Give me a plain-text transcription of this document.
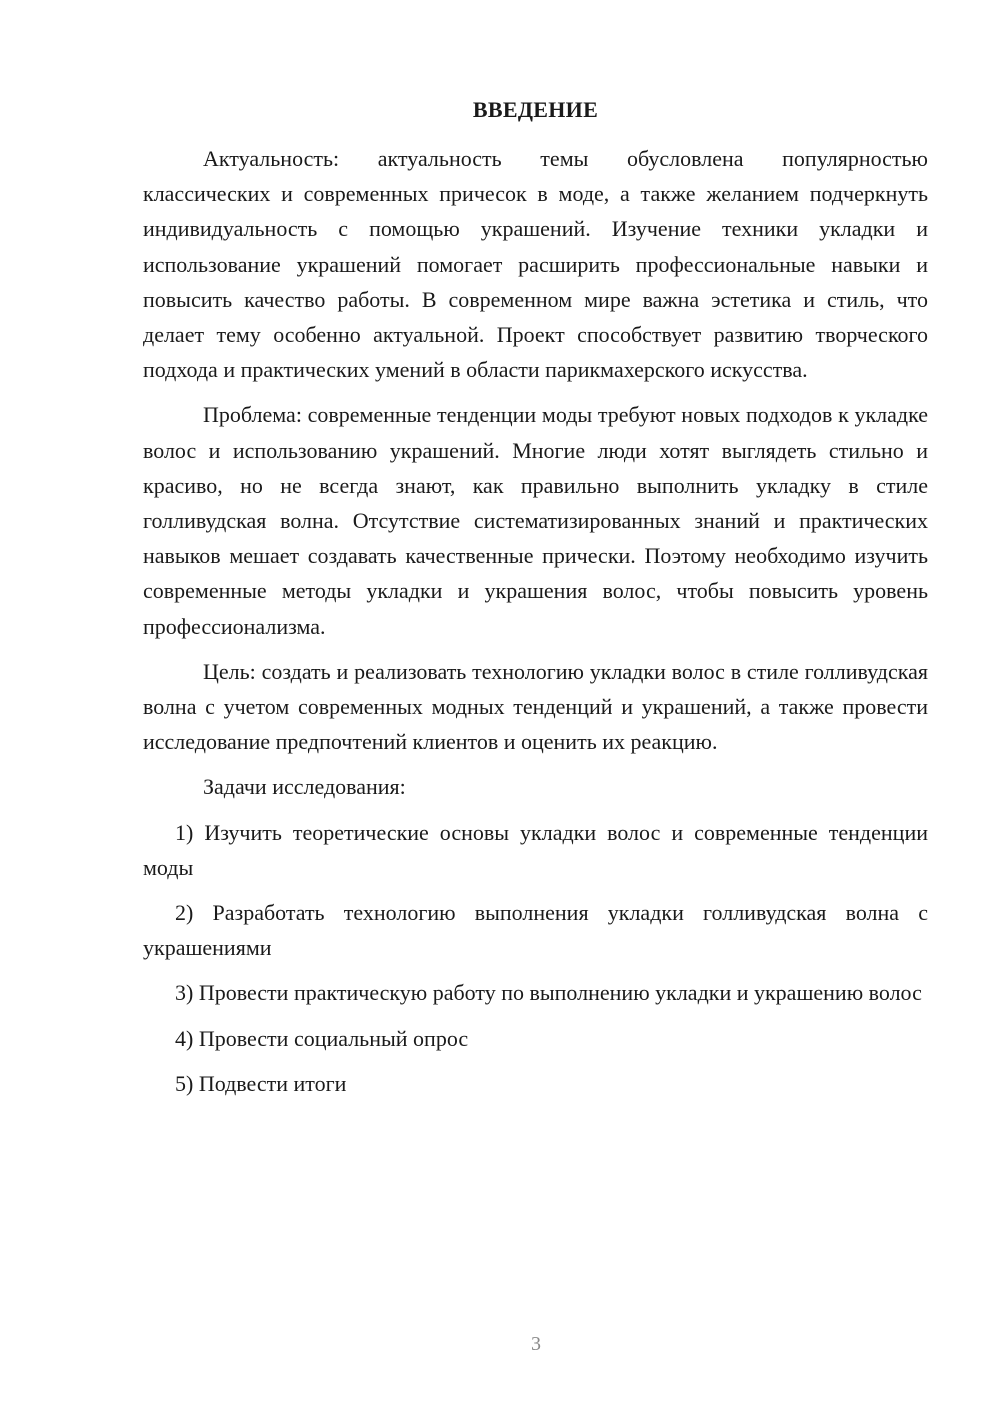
ВВЕДЕНИЕ

Актуальность: актуальность темы обусловлена популярностью классических и современных причесок в моде, а также желанием подчеркнуть индивидуальность с помощью украшений. Изучение техники укладки и использование украшений помогает расширить профессиональные навыки и повысить качество работы. В современном мире важна эстетика и стиль, что делает тему особенно актуальной. Проект способствует развитию творческого подхода и практических умений в области парикмахерского искусства.

Проблема: современные тенденции моды требуют новых подходов к укладке волос и использованию украшений. Многие люди хотят выглядеть стильно и красиво, но не всегда знают, как правильно выполнить укладку в стиле голливудская волна. Отсутствие систематизированных знаний и практических навыков мешает создавать качественные прически. Поэтому необходимо изучить современные методы укладки и украшения волос, чтобы повысить уровень профессионализма.

Цель: создать и реализовать технологию укладки волос в стиле голливудская волна с учетом современных модных тенденций и украшений, а также провести исследование предпочтений клиентов и оценить их реакцию.

Задачи исследования:

1) Изучить теоретические основы укладки волос и современные тенденции моды

2) Разработать технологию выполнения укладки голливудская волна с украшениями

3) Провести практическую работу по выполнению укладки и украшению волос

4) Провести социальный опрос

5) Подвести итоги

3
